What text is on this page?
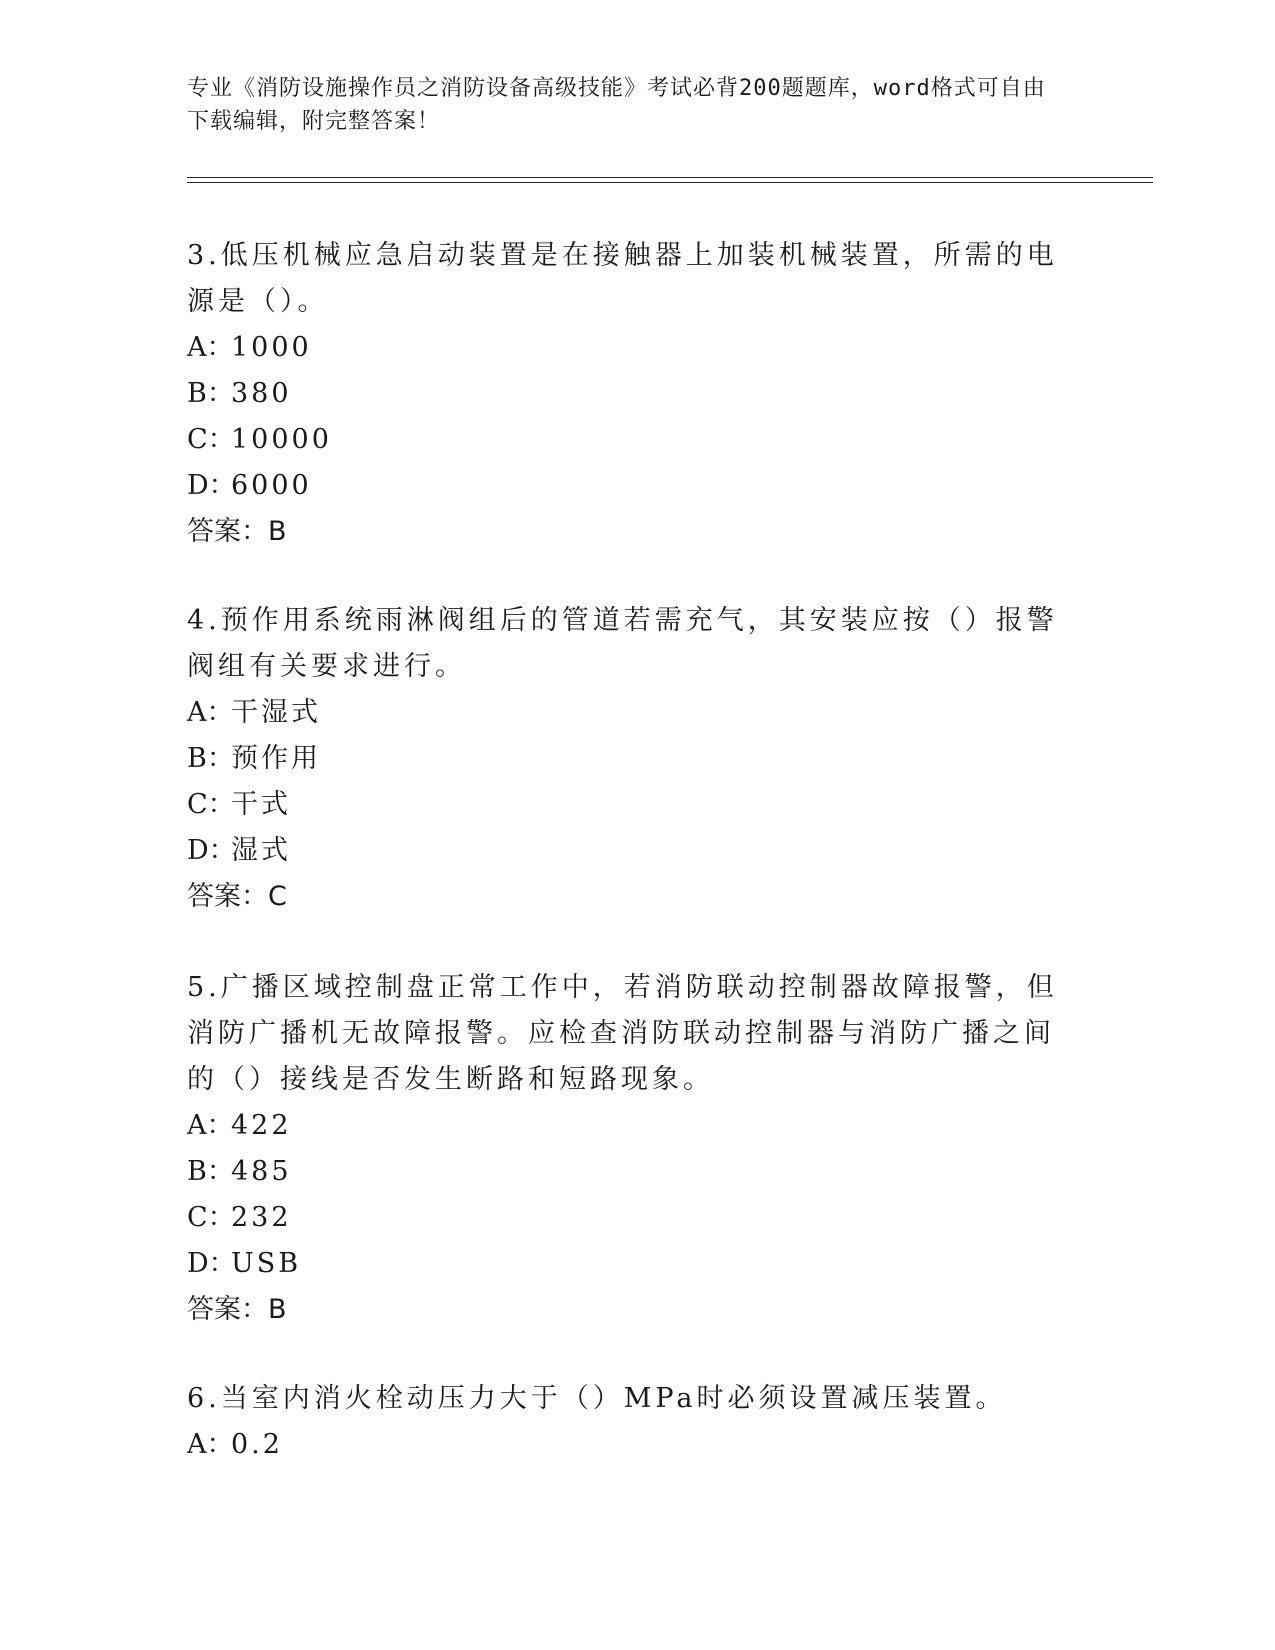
专业《消防设施操作员之消防设备高级技能》考试必背200题题库，word格式可自由下载编辑，附完整答案！

3.低压机械应急启动装置是在接触器上加装机械装置，所需的电源是（）。

A：1000

B：380

C：10000

D：6000

答案：B

4.预作用系统雨淋阀组后的管道若需充气，其安装应按（）报警阀组有关要求进行。

A：干湿式

B：预作用

C：干式

D：湿式

答案：C

5.广播区域控制盘正常工作中，若消防联动控制器故障报警，但消防广播机无故障报警。应检查消防联动控制器与消防广播之间的（）接线是否发生断路和短路现象。

A：422

B：485

C：232

D：USB

答案：B

6.当室内消火栓动压力大于（）MPa时必须设置减压装置。

A：0.2
